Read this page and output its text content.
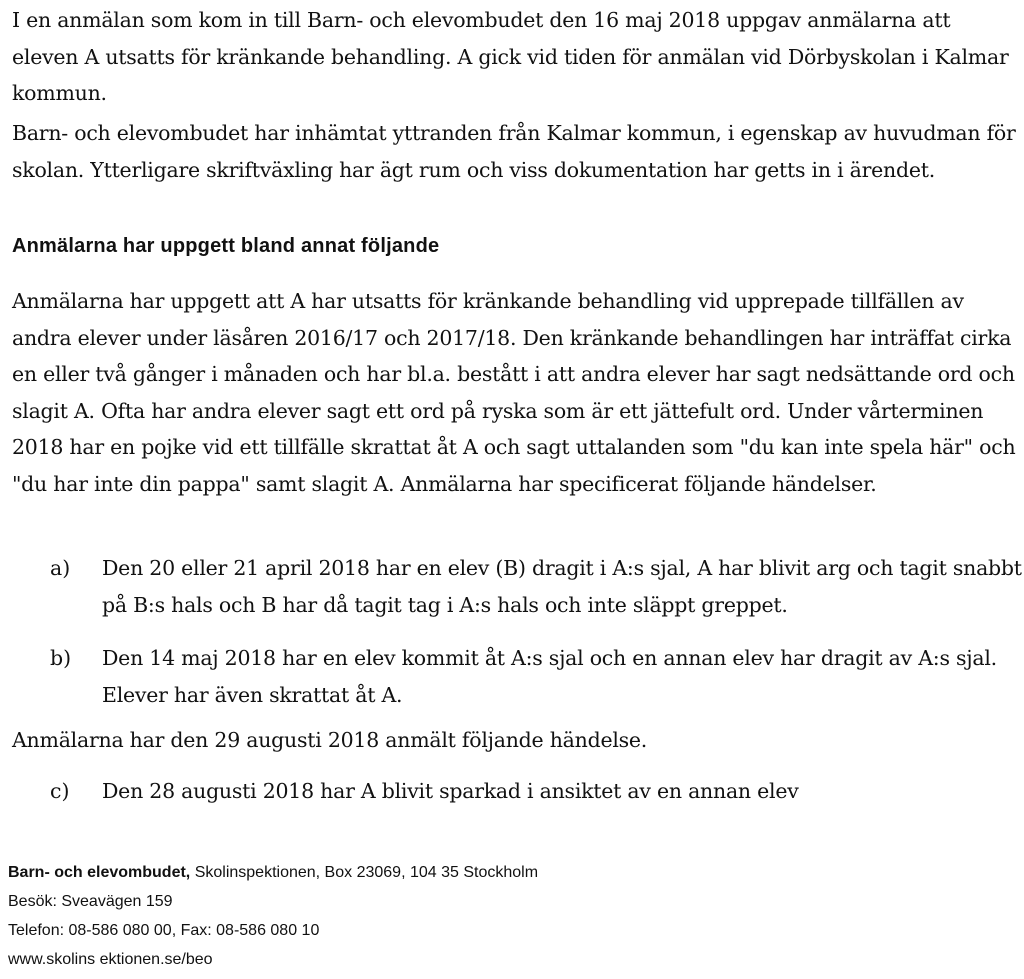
I en anmälan som kom in till Barn- och elevombudet den 16 maj 2018 uppgav anmälarna att eleven A utsatts för kränkande behandling. A gick vid tiden för anmälan vid Dörbyskolan i Kalmar kommun.

Barn- och elevombudet har inhämtat yttranden från Kalmar kommun, i egenskap av huvudman för skolan. Ytterligare skriftväxling har ägt rum och viss dokumentation har getts in i ärendet.

Anmälarna har uppgett bland annat följande

Anmälarna har uppgett att A har utsatts för kränkande behandling vid upprepade tillfällen av andra elever under läsåren 2016/17 och 2017/18. Den kränkande behandlingen har inträffat cirka en eller två gånger i månaden och har bl.a. bestått i att andra elever har sagt nedsättande ord och slagit A. Ofta har andra elever sagt ett ord på ryska som är ett jättefult ord. Under vårterminen 2018 har en pojke vid ett tillfälle skrattat åt A och sagt uttalanden som "du kan inte spela här" och "du har inte din pappa" samt slagit A. Anmälarna har specificerat följande händelser.

a)	Den 20 eller 21 april 2018 har en elev (B) dragit i A:s sjal, A har blivit arg och tagit snabbt på B:s hals och B har då tagit tag i A:s hals och inte släppt greppet.
b)	Den 14 maj 2018 har en elev kommit åt A:s sjal och en annan elev har dragit av A:s sjal. Elever har även skrattat åt A.

Anmälarna har den 29 augusti 2018 anmält följande händelse.

c)	Den 28 augusti 2018 har A blivit sparkad i ansiktet av en annan elev
Barn- och elevombudet, Skolinspektionen, Box 23069, 104 35 Stockholm
Besök: Sveavägen 159
Telefon: 08-586 080 00, Fax: 08-586 080 10
www.skolins ektionen.se/beo
